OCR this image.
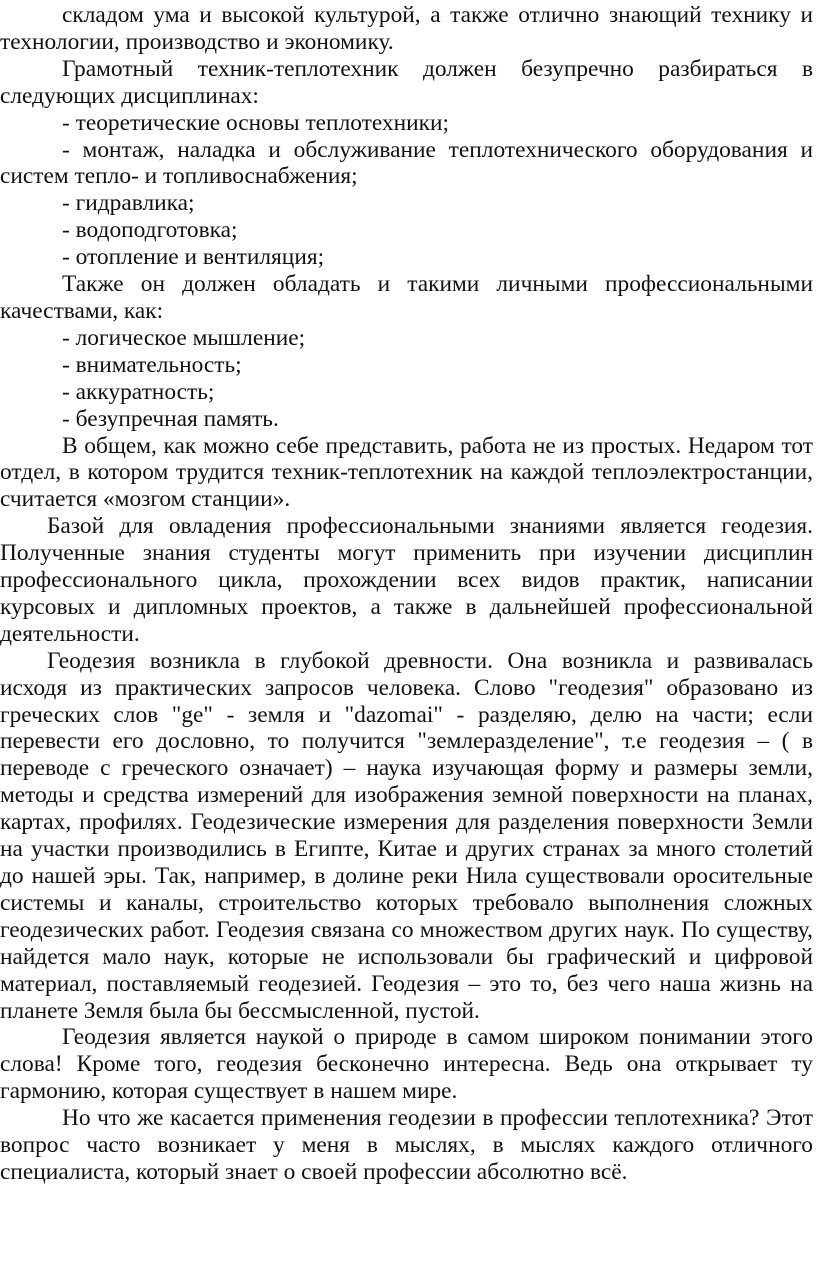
складом ума и высокой культурой, а также отлично знающий технику и технологии, производство и экономику.

Грамотный техник-теплотехник должен безупречно разбираться в следующих дисциплинах:

- теоретические основы теплотехники;

- монтаж, наладка и обслуживание теплотехнического оборудования и систем тепло- и топливоснабжения;

- гидравлика;

- водоподготовка;

- отопление и вентиляция;

Также он должен обладать и такими личными профессиональными качествами, как:

- логическое мышление;

- внимательность;

- аккуратность;

- безупречная память.

В общем, как можно себе представить, работа не из простых. Недаром тот отдел, в котором трудится техник-теплотехник на каждой теплоэлектростанции, считается «мозгом станции».

Базой для овладения профессиональными знаниями является геодезия. Полученные знания студенты могут применить при изучении дисциплин профессионального цикла, прохождении всех видов практик, написании курсовых и дипломных проектов, а также в дальнейшей профессиональной деятельности.

Геодезия возникла в глубокой древности. Она возникла и развивалась исходя из практических запросов человека. Слово "геодезия" образовано из греческих слов "ge" - земля и "dazomai" - разделяю, делю на части; если перевести его дословно, то получится "землеразделение", т.е геодезия – ( в переводе с греческого означает) – наука изучающая форму и размеры земли, методы и средства измерений для изображения земной поверхности на планах, картах, профилях. Геодезические измерения для разделения поверхности Земли на участки производились в Египте, Китае и других странах за много столетий до нашей эры. Так, например, в долине реки Нила существовали оросительные системы и каналы, строительство которых требовало выполнения сложных геодезических работ. Геодезия связана со множеством других наук. По существу, найдется мало наук, которые не использовали бы графический и цифровой материал, поставляемый геодезией. Геодезия – это то, без чего наша жизнь на планете Земля была бы бессмысленной, пустой.

Геодезия является наукой о природе в самом широком понимании этого слова! Кроме того, геодезия бесконечно интересна. Ведь она открывает ту гармонию, которая существует в нашем мире.

Но что же касается применения геодезии в профессии теплотехника? Этот вопрос часто возникает у меня в мыслях, в мыслях каждого отличного специалиста, который знает о своей профессии абсолютно всё.
